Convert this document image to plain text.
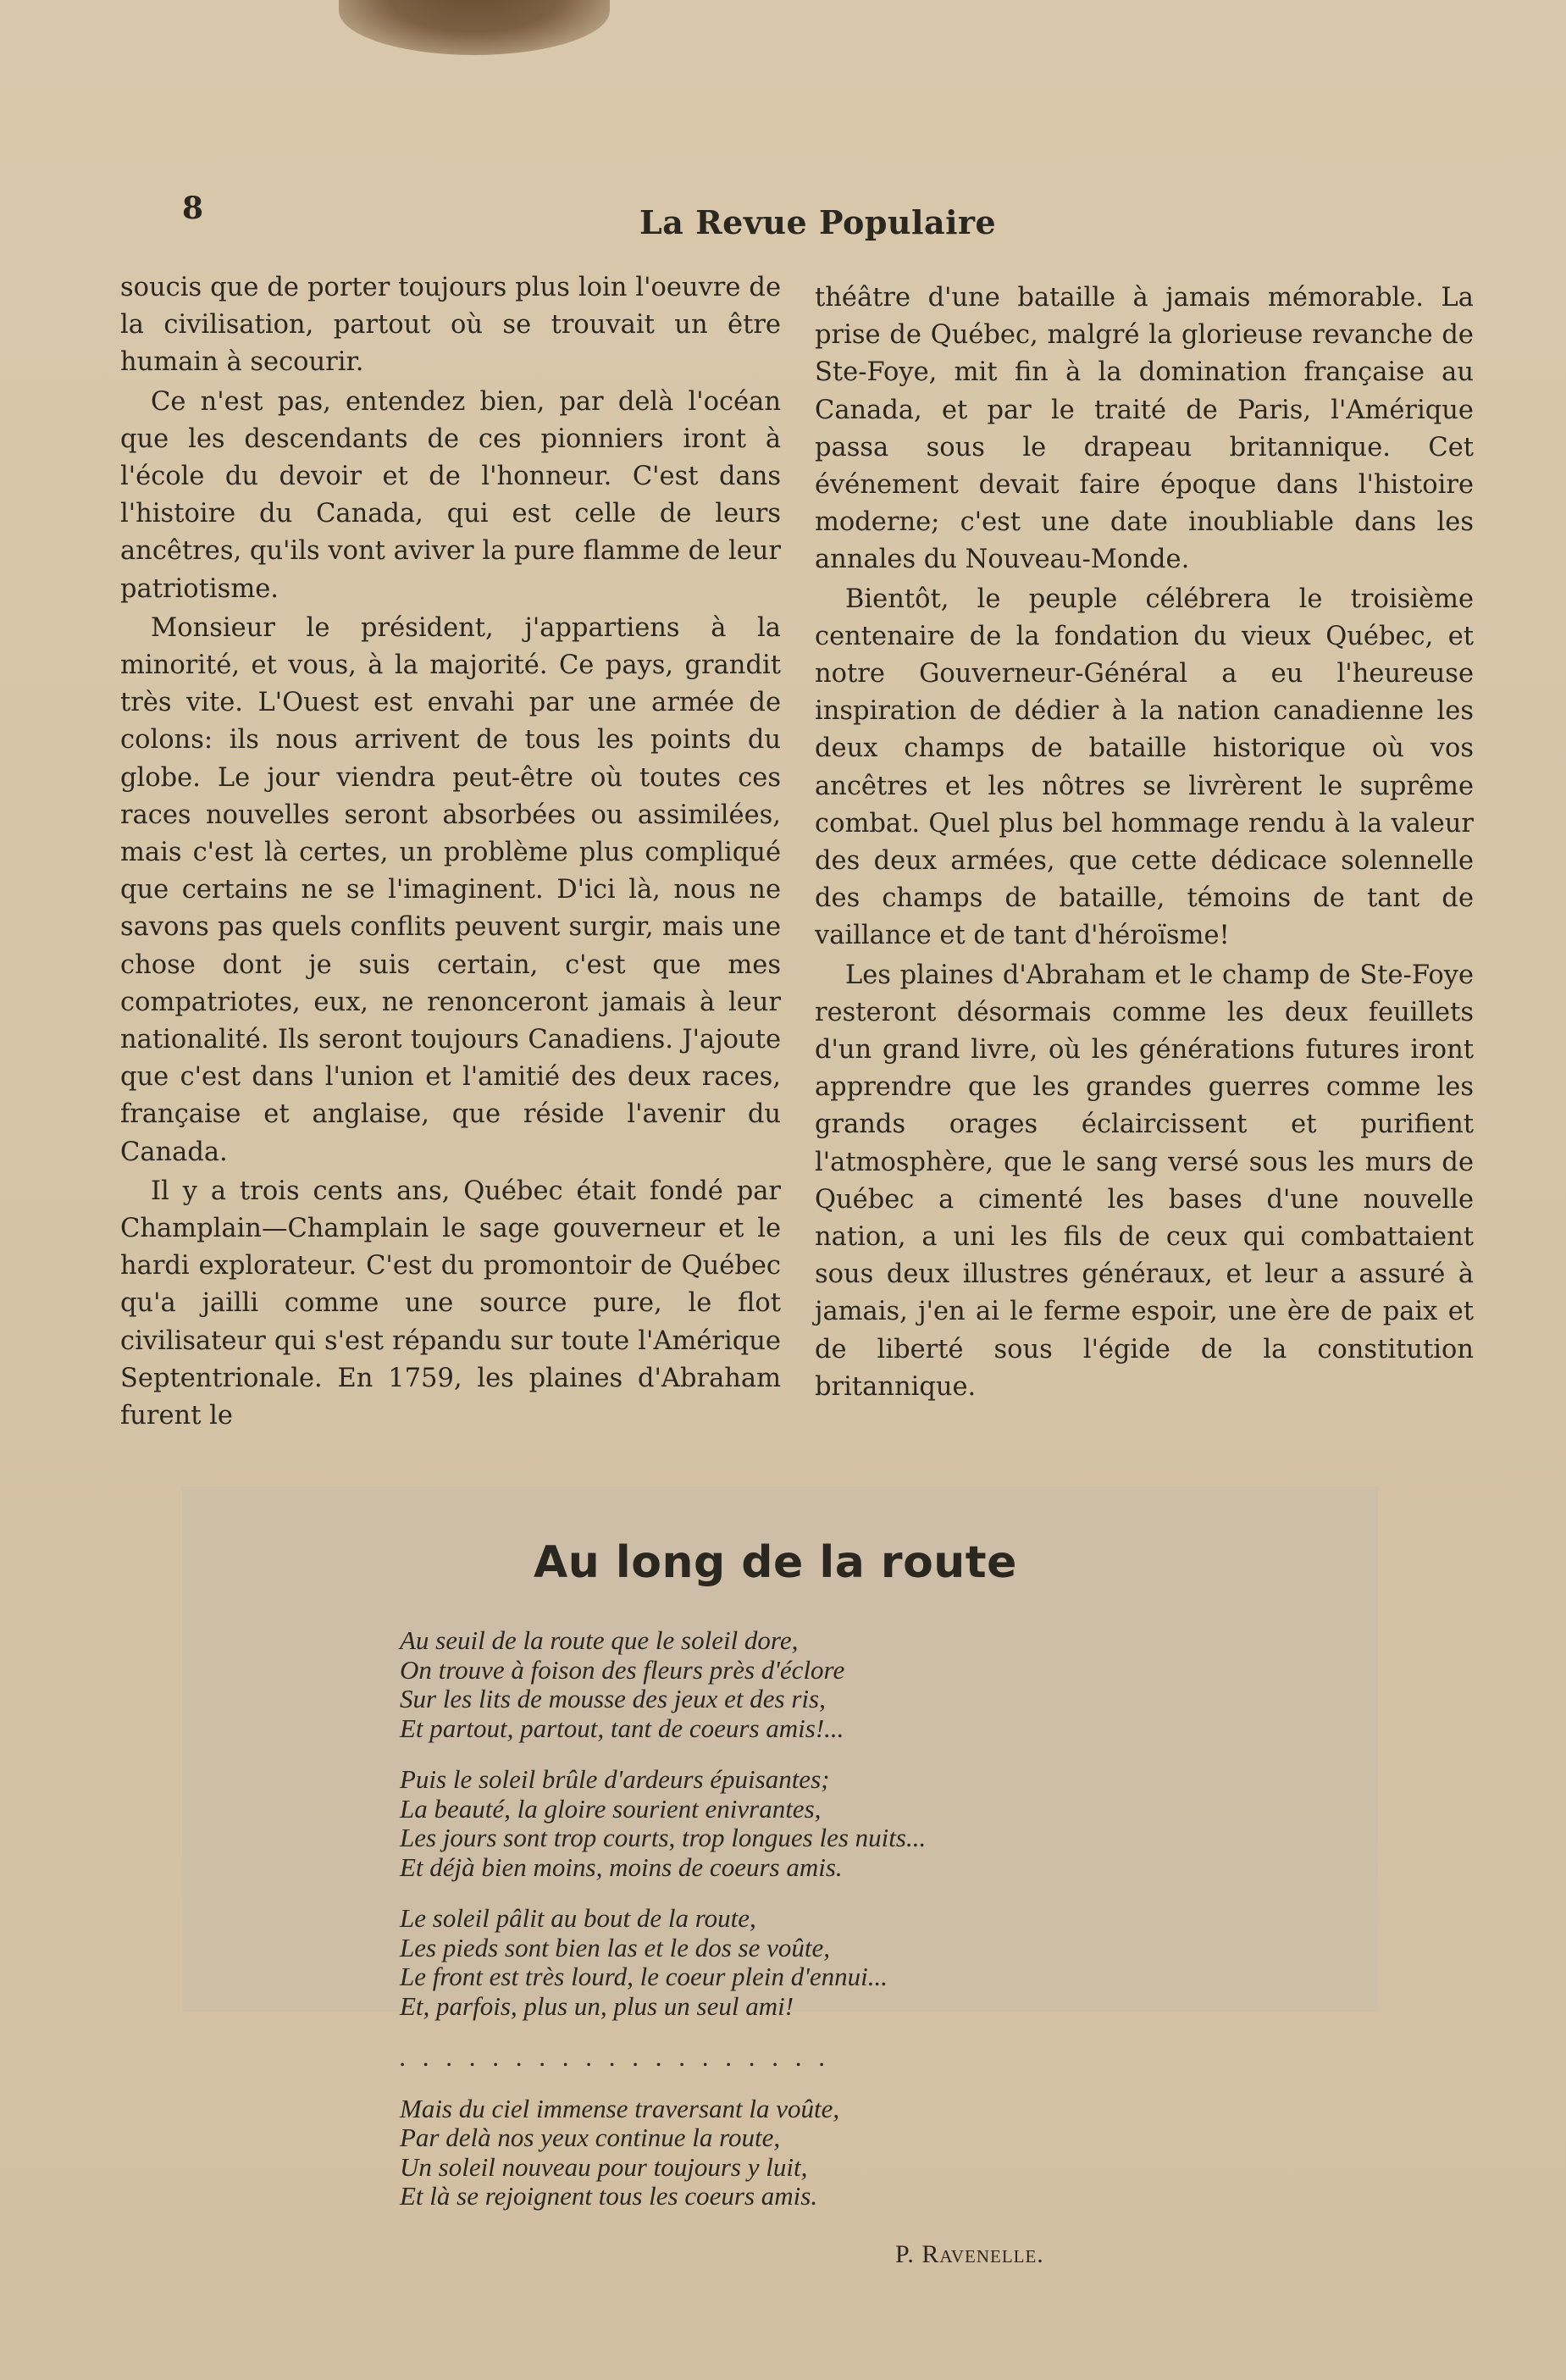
8	La Revue Populaire

soucis que de porter toujours plus loin l'oeuvre de la civilisation, partout où se trouvait un être humain à secourir.

Ce n'est pas, entendez bien, par delà l'océan que les descendants de ces pionniers iront à l'école du devoir et de l'honneur. C'est dans l'histoire du Canada, qui est celle de leurs ancêtres, qu'ils vont aviver la pure flamme de leur patriotisme.

Monsieur le président, j'appartiens à la minorité, et vous, à la majorité. Ce pays, grandit très vite. L'Ouest est envahi par une armée de colons: ils nous arrivent de tous les points du globe. Le jour viendra peut-être où toutes ces races nouvelles seront absorbées ou assimilées, mais c'est là certes, un problème plus compliqué que certains ne se l'imaginent. D'ici là, nous ne savons pas quels conflits peuvent surgir, mais une chose dont je suis certain, c'est que mes compatriotes, eux, ne renonceront jamais à leur nationalité. Ils seront toujours Canadiens. J'ajoute que c'est dans l'union et l'amitié des deux races, française et anglaise, que réside l'avenir du Canada.

Il y a trois cents ans, Québec était fondé par Champlain—Champlain le sage gouverneur et le hardi explorateur. C'est du promontoir de Québec qu'a jailli comme une source pure, le flot civilisateur qui s'est répandu sur toute l'Amérique Septentrionale. En 1759, les plaines d'Abraham furent le

théâtre d'une bataille à jamais mémorable. La prise de Québec, malgré la glorieuse revanche de Ste-Foye, mit fin à la domination française au Canada, et par le traité de Paris, l'Amérique passa sous le drapeau britannique. Cet événement devait faire époque dans l'histoire moderne; c'est une date inoubliable dans les annales du Nouveau-Monde.

Bientôt, le peuple célébrera le troisième centenaire de la fondation du vieux Québec, et notre Gouverneur-Général a eu l'heureuse inspiration de dédier à la nation canadienne les deux champs de bataille historique où vos ancêtres et les nôtres se livrèrent le suprême combat. Quel plus bel hommage rendu à la valeur des deux armées, que cette dédicace solennelle des champs de bataille, témoins de tant de vaillance et de tant d'héroïsme!

Les plaines d'Abraham et le champ de Ste-Foye resteront désormais comme les deux feuillets d'un grand livre, où les générations futures iront apprendre que les grandes guerres comme les grands orages éclaircissent et purifient l'atmosphère, que le sang versé sous les murs de Québec a cimenté les bases d'une nouvelle nation, a uni les fils de ceux qui combattaient sous deux illustres généraux, et leur a assuré à jamais, j'en ai le ferme espoir, une ère de paix et de liberté sous l'égide de la constitution britannique.

Au long de la route
Au seuil de la route que le soleil dore,
On trouve à foison des fleurs près d'éclore
Sur les lits de mousse des jeux et des ris,
Et partout, partout, tant de coeurs amis!...
Puis le soleil brûle d'ardeurs épuisantes;
La beauté, la gloire sourient enivrantes,
Les jours sont trop courts, trop longues les nuits...
Et déjà bien moins, moins de coeurs amis.
Le soleil pâlit au bout de la route,
Les pieds sont bien las et le dos se voûte,
Le front est très lourd, le coeur plein d'ennui...
Et, parfois, plus un, plus un seul ami!
. . . . . . . . . . . . . . . . . . .
Mais du ciel immense traversant la voûte,
Par delà nos yeux continue la route,
Un soleil nouveau pour toujours y luit,
Et là se rejoignent tous les coeurs amis.
P. Ravenelle.
